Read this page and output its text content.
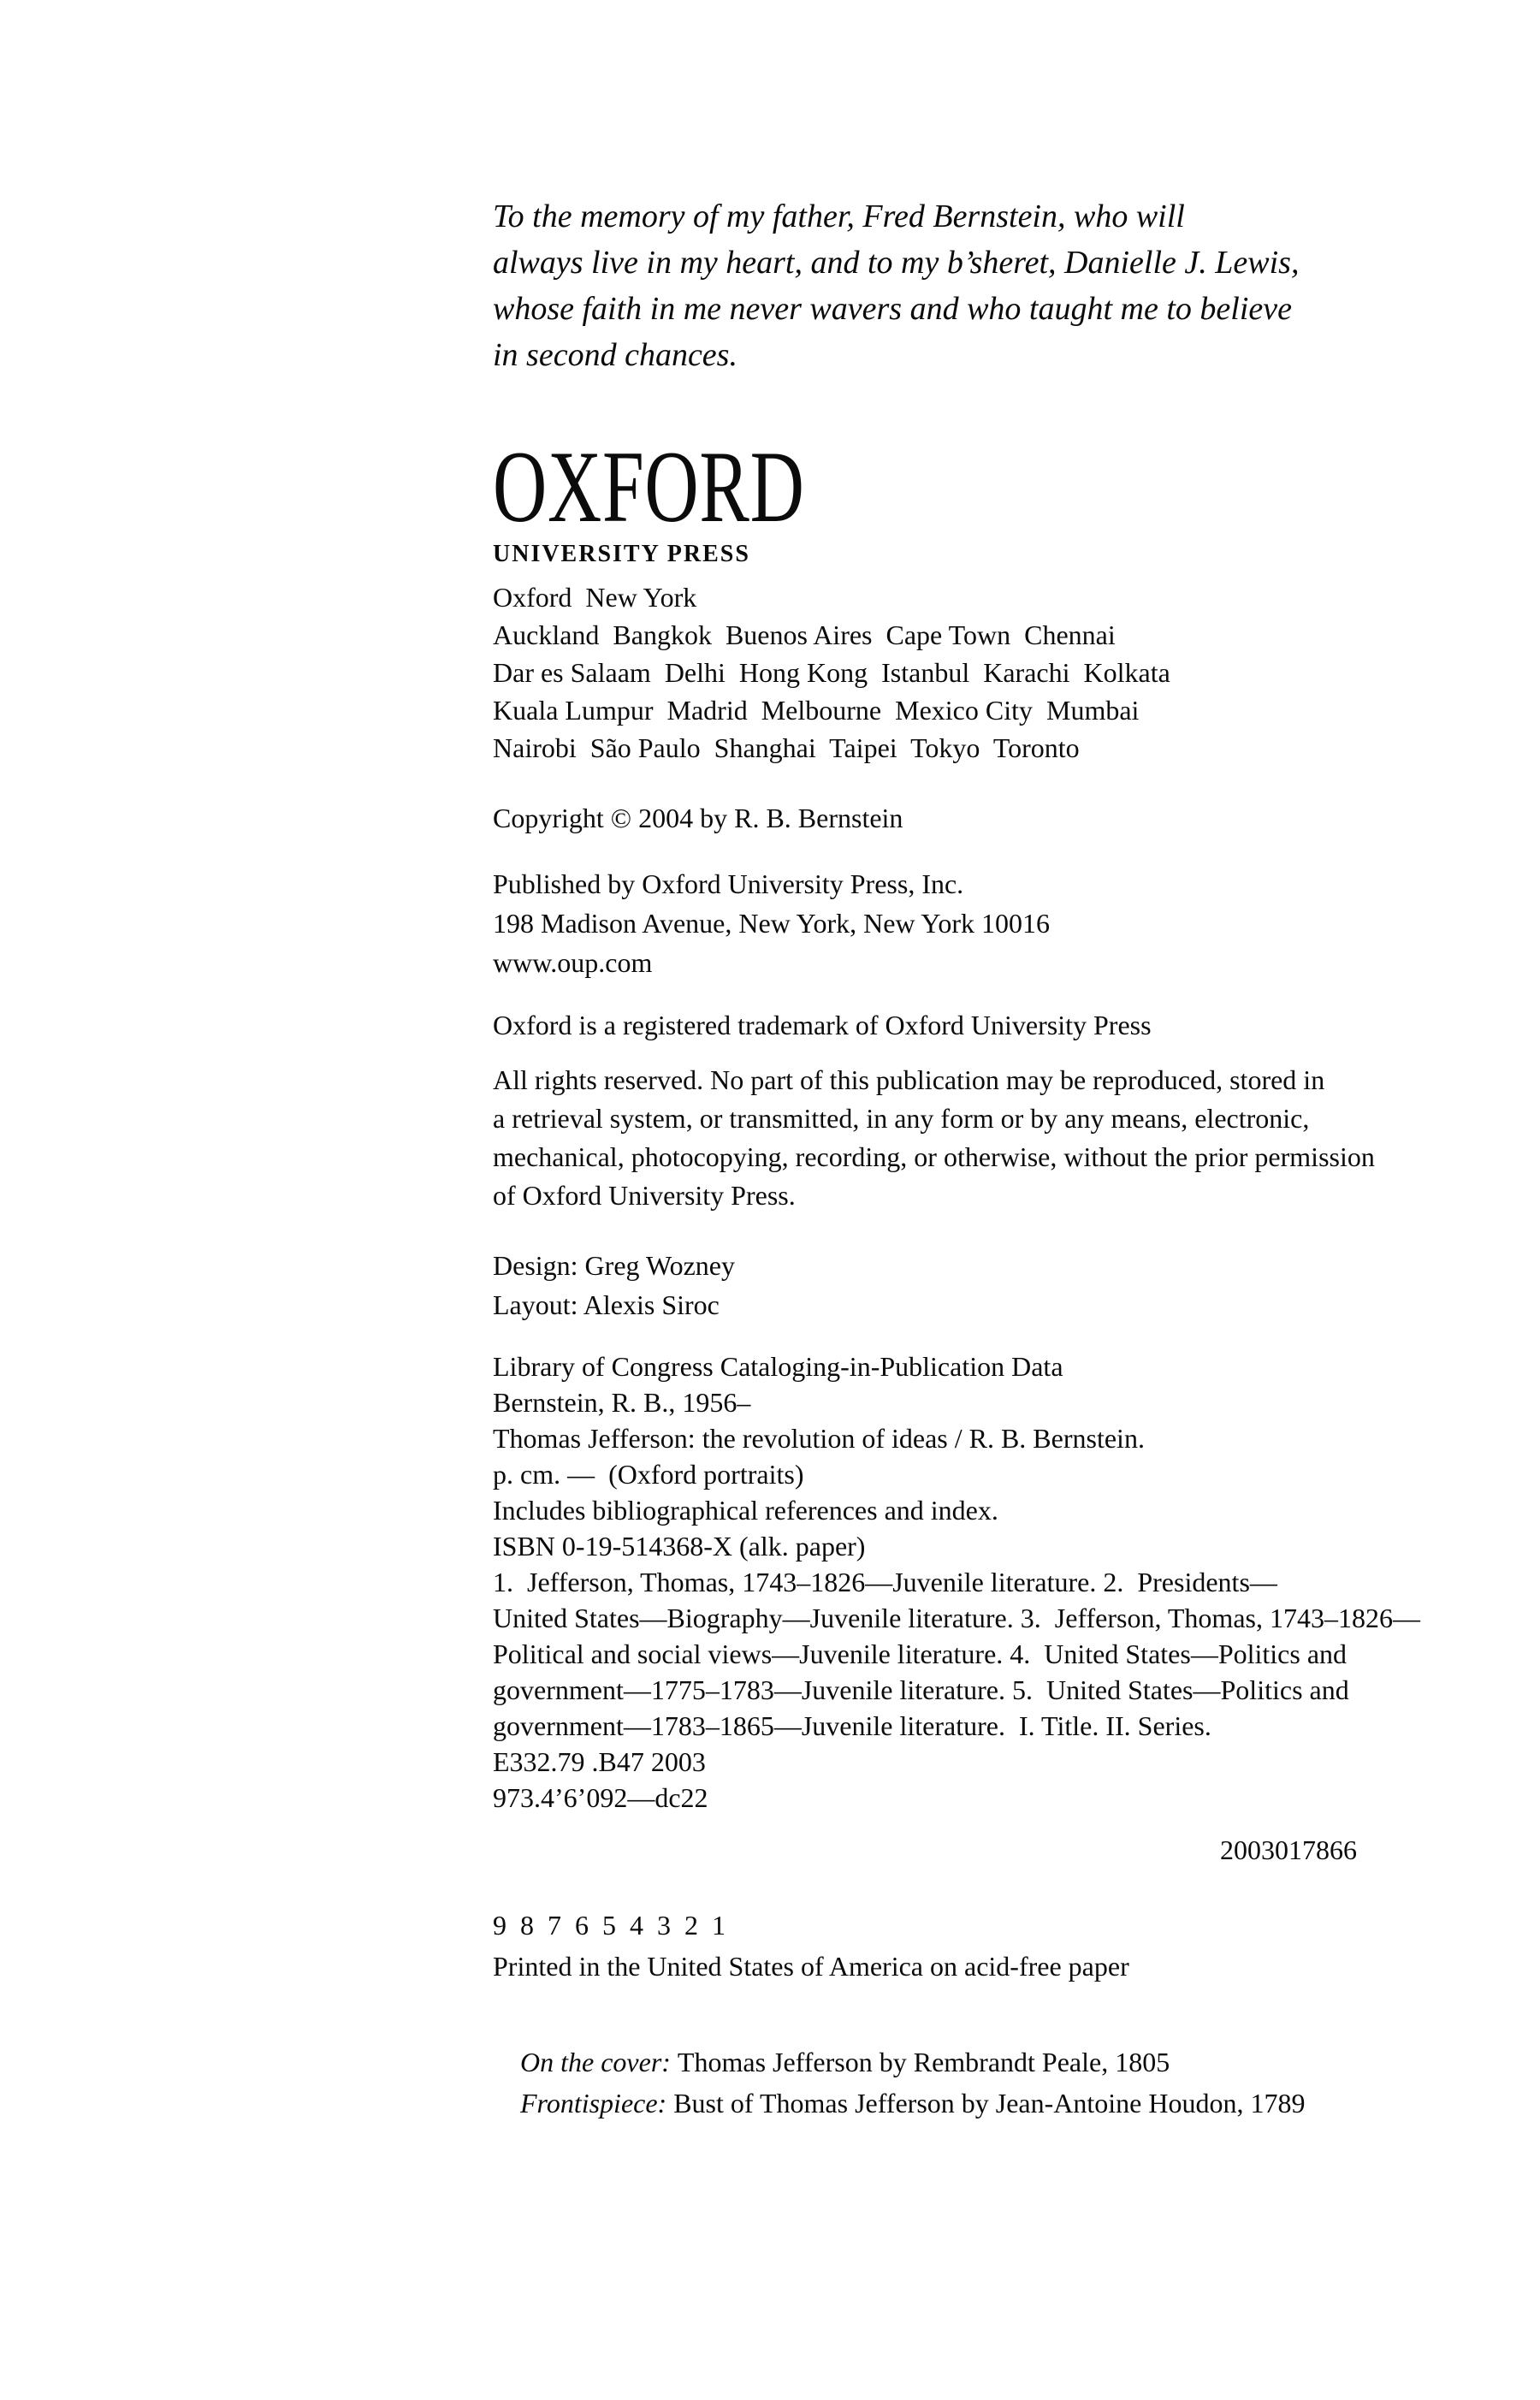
To the memory of my father, Fred Bernstein, who will
always live in my heart, and to my b’sheret, Danielle J. Lewis,
whose faith in me never wavers and who taught me to believe
in second chances.
OXFORD
UNIVERSITY PRESS
Oxford  New York
Auckland  Bangkok  Buenos Aires  Cape Town  Chennai
Dar es Salaam  Delhi  Hong Kong  Istanbul  Karachi  Kolkata
Kuala Lumpur  Madrid  Melbourne  Mexico City  Mumbai
Nairobi  São Paulo  Shanghai  Taipei  Tokyo  Toronto
Copyright © 2004 by R. B. Bernstein
Published by Oxford University Press, Inc.
198 Madison Avenue, New York, New York 10016
www.oup.com
Oxford is a registered trademark of Oxford University Press
All rights reserved. No part of this publication may be reproduced, stored in
a retrieval system, or transmitted, in any form or by any means, electronic,
mechanical, photocopying, recording, or otherwise, without the prior permission
of Oxford University Press.
Design: Greg Wozney
Layout: Alexis Siroc
Library of Congress Cataloging-in-Publication Data
Bernstein, R. B., 1956–
Thomas Jefferson: the revolution of ideas / R. B. Bernstein.
p. cm. —  (Oxford portraits)
Includes bibliographical references and index.
ISBN 0-19-514368-X (alk. paper)
1.  Jefferson, Thomas, 1743–1826—Juvenile literature. 2.  Presidents—
United States—Biography—Juvenile literature. 3.  Jefferson, Thomas, 1743–1826—
Political and social views—Juvenile literature. 4.  United States—Politics and
government—1775–1783—Juvenile literature. 5.  United States—Politics and
government—1783–1865—Juvenile literature.  I. Title. II. Series.
E332.79 .B47 2003
973.4’6’092—dc22
2003017866
9 8 7 6 5 4 3 2 1
Printed in the United States of America on acid-free paper

On the cover: Thomas Jefferson by Rembrandt Peale, 1805

Frontispiece: Bust of Thomas Jefferson by Jean-Antoine Houdon, 1789
